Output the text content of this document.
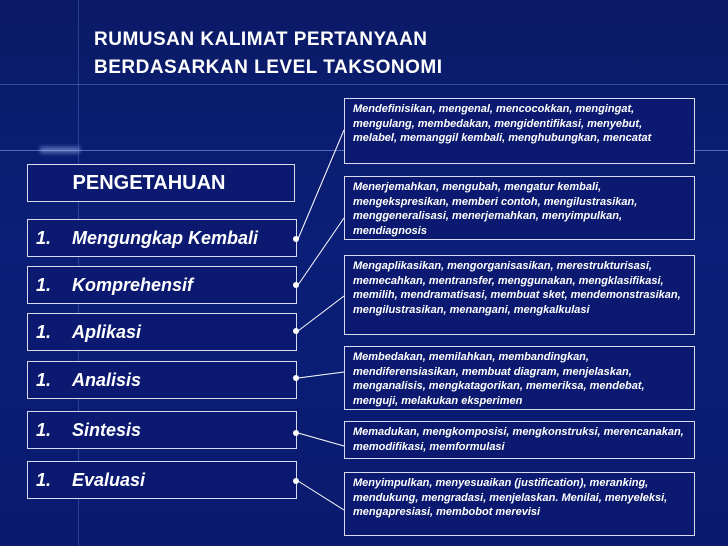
RUMUSAN KALIMAT PERTANYAAN
BERDASARKAN LEVEL TAKSONOMI
PENGETAHUAN
1. Mengungkap Kembali
1. Komprehensif
1. Aplikasi
1. Analisis
1. Sintesis
1. Evaluasi
Mendefinisikan, mengenal, mencocokkan, mengingat, mengulang, membedakan, mengidentifikasi, menyebut, melabel, memanggil kembali, menghubungkan, mencatat
Menerjemahkan, mengubah, mengatur kembali, mengekspresikan, memberi contoh, mengilustrasikan, menggeneralisasi, menerjemahkan, menyimpulkan, mendiagnosis
Mengaplikasikan, mengorganisasikan, merestrukturisasi, memecahkan, mentransfer, menggunakan, mengklasifikasi, memilih, mendramatisasi, membuat sket, mendemonstrasikan, mengilustrasikan, menangani, mengkalkulasi
Membedakan, memilahkan, membandingkan, mendiferensiasikan, membuat diagram, menjelaskan, menganalisis, mengkatagorikan, memeriksa, mendebat, menguji, melakukan eksperimen
Memadukan, mengkomposisi, mengkonstruksi, merencanakan, memodifikasi, memformulasi
Menyimpulkan, menyesuaikan (justification), meranking, mendukung, mengradasi, menjelaskan. Menilai, menyeleksi, mengapresiasi, membobot merevisi
